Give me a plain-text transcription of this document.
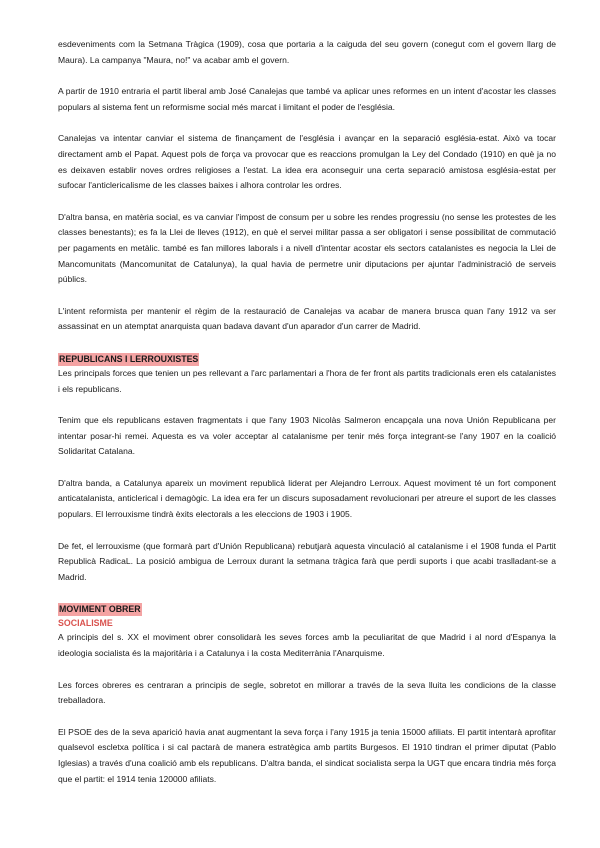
esdeveniments com la Setmana Tràgica (1909), cosa que portaria a la caiguda del seu govern (conegut com el govern llarg de Maura). La campanya "Maura, no!" va acabar amb el govern.

A partir de 1910 entraria el partit liberal amb José Canalejas que també va aplicar unes reformes en un intent d'acostar les classes populars al sistema fent un reformisme social més marcat i limitant el poder de l'església.

Canalejas va intentar canviar el sistema de finançament de l'església i avançar en la separació església-estat. Això va tocar directament amb el Papat. Aquest pols de força va provocar que es reaccions promulgan la Ley del Condado (1910) en què ja no es deixaven establir noves ordres religioses a l'estat. La idea era aconseguir una certa separació amistosa església-estat per sufocar l'anticlericalisme de les classes baixes i alhora controlar les ordres.

D'altra bansa, en matèria social, es va canviar l'impost de consum per u sobre les rendes progressiu (no sense les protestes de les classes benestants); es fa la Llei de lleves (1912), en què el servei militar passa a ser obligatori i sense possibilitat de commutació per pagaments en metàlic. també es fan millores laborals i a nivell d'intentar acostar els sectors catalanistes es negocia la Llei de Mancomunitats (Mancomunitat de Catalunya), la qual havia de permetre unir diputacions per ajuntar l'administració de serveis públics.

L'intent reformista per mantenir el règim de la restauració de Canalejas va acabar de manera brusca quan l'any 1912 va ser assassinat en un atemptat anarquista quan badava davant d'un aparador d'un carrer de Madrid.

REPUBLICANS I LERROUXISTES

Les principals forces que tenien un pes rellevant a l'arc parlamentari a l'hora de fer front als partits tradicionals eren els catalanistes i els republicans.

Tenim que els republicans estaven fragmentats i que l'any 1903 Nicolàs Salmeron encapçala una nova Unión Republicana per intentar posar-hi remei. Aquesta es va voler acceptar al catalanisme per tenir més força integrant-se l'any 1907 en la coalició Solidaritat Catalana.

D'altra banda, a Catalunya apareix un moviment republicà liderat per Alejandro Lerroux. Aquest moviment té un fort component anticatalanista, anticlerical i demagògic. La idea era fer un discurs suposadament revolucionari per atreure el suport de les classes populars. El lerrouxisme tindrà èxits electorals a les eleccions de 1903 i 1905.

De fet, el lerrouxisme (que formarà part d'Unión Republicana) rebutjarà aquesta vinculació al catalanisme i el 1908 funda el Partit Republicà RadicaL. La posició ambigua de Lerroux durant la setmana tràgica farà que perdi suports i que acabi traslladant-se a Madrid.

MOVIMENT OBRER

SOCIALISME

A principis del s. XX el moviment obrer consolidarà les seves forces amb la peculiaritat de que Madrid i al nord d'Espanya la ideologia socialista és la majoritària i a Catalunya i la costa Mediterrània l'Anarquisme.

Les forces obreres es centraran a principis de segle, sobretot en millorar a través de la seva lluita les condicions de la classe treballadora.

El PSOE des de la seva aparició havia anat augmentant la seva força i l'any 1915 ja tenia 15000 afiliats. El partit intentarà aprofitar qualsevol escletxa política i si cal pactarà de manera estratègica amb partits Burgesos. El 1910 tindran el primer diputat (Pablo Iglesias) a través d'una coalició amb els republicans. D'altra banda, el sindicat socialista serpa la UGT que encara tindria més força que el partit: el 1914 tenia 120000 afiliats.
